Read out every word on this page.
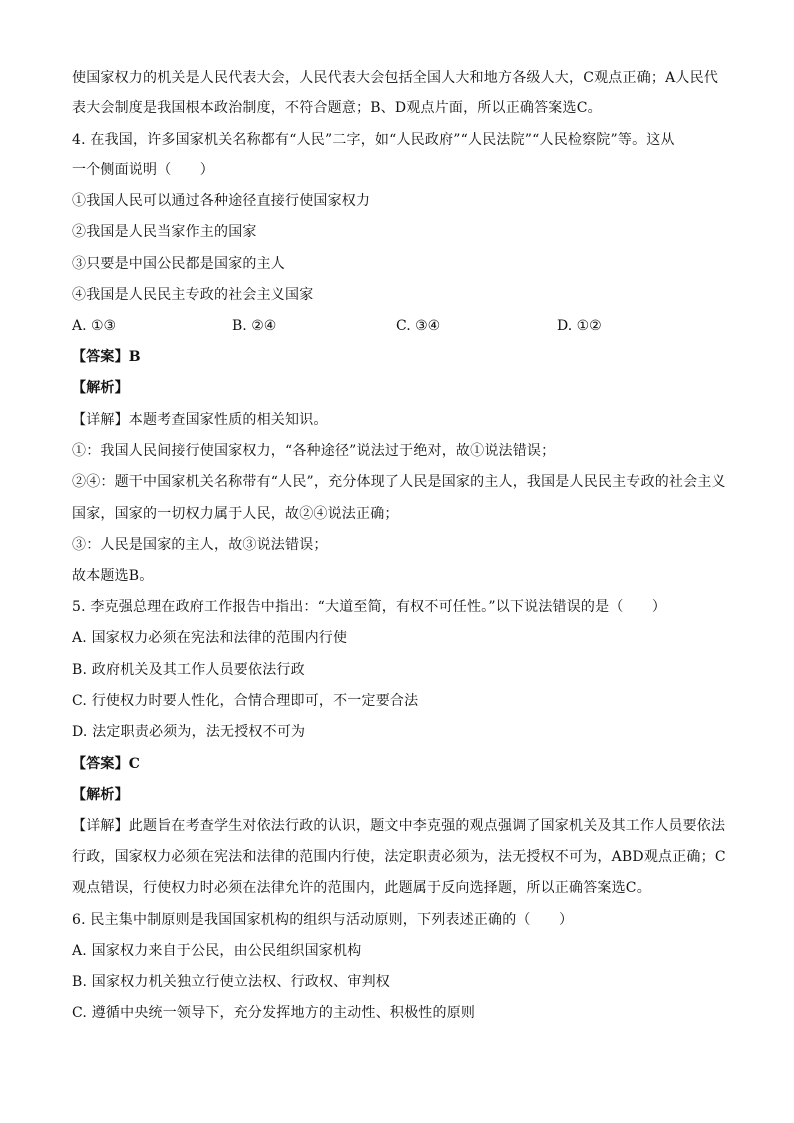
使国家权力的机关是人民代表大会，人民代表大会包括全国人大和地方各级人大，C观点正确；A人民代
表大会制度是我国根本政治制度，不符合题意；B、D观点片面，所以正确答案选C。
4. 在我国，许多国家机关名称都有“人民”二字，如“人民政府”“人民法院”“人民检察院”等。这从
一个侧面说明（　　）
①我国人民可以通过各种途径直接行使国家权力
②我国是人民当家作主的国家
③只要是中国公民都是国家的主人
④我国是人民民主专政的社会主义国家
A. ①③	B. ②④	C. ③④	D. ①②
【答案】B
【解析】
【详解】本题考查国家性质的相关知识。
①：我国人民间接行使国家权力，“各种途径”说法过于绝对，故①说法错误；
②④：题干中国家机关名称带有“人民”，充分体现了人民是国家的主人，我国是人民民主专政的社会主义
国家，国家的一切权力属于人民，故②④说法正确；
③：人民是国家的主人，故③说法错误；
故本题选B。
5. 李克强总理在政府工作报告中指出：“大道至简，有权不可任性。”以下说法错误的是（　　）
A. 国家权力必须在宪法和法律的范围内行使
B. 政府机关及其工作人员要依法行政
C. 行使权力时要人性化，合情合理即可，不一定要合法
D. 法定职责必须为，法无授权不可为
【答案】C
【解析】
【详解】此题旨在考查学生对依法行政的认识，题文中李克强的观点强调了国家机关及其工作人员要依法
行政，国家权力必须在宪法和法律的范围内行使，法定职责必须为，法无授权不可为，ABD观点正确；C
观点错误，行使权力时必须在法律允许的范围内，此题属于反向选择题，所以正确答案选C。
6. 民主集中制原则是我国国家机构的组织与活动原则，下列表述正确的（　　）
A. 国家权力来自于公民，由公民组织国家机构
B. 国家权力机关独立行使立法权、行政权、审判权
C. 遵循中央统一领导下，充分发挥地方的主动性、积极性的原则
